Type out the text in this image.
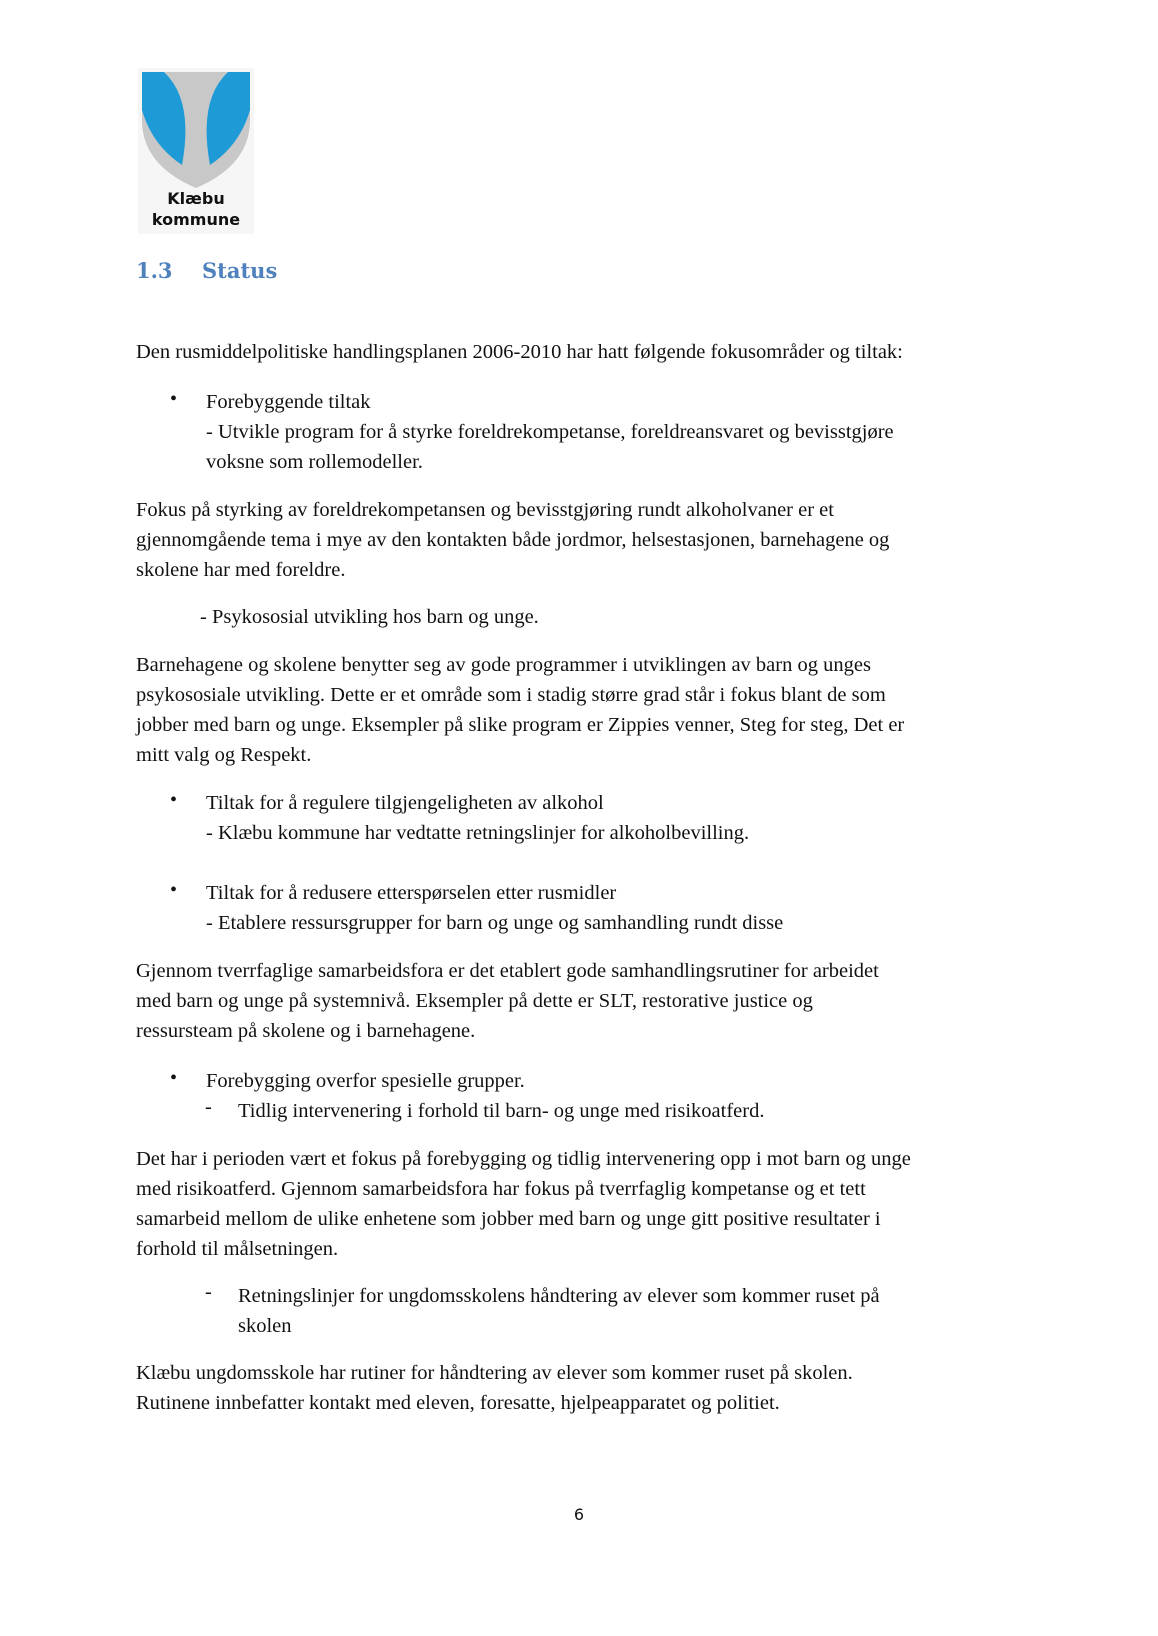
Klæbu
kommune
1.3 Status

Den rusmiddelpolitiske handlingsplanen 2006-2010 har hatt følgende fokusområder og tiltak:

• Forebyggende tiltak
- Utvikle program for å styrke foreldrekompetanse, foreldreansvaret og bevisstgjøre
voksne som rollemodeller.
Fokus på styrking av foreldrekompetansen og bevisstgjøring rundt alkoholvaner er et
gjennomgående tema i mye av den kontakten både jordmor, helsestasjonen, barnehagene og
skolene har med foreldre.

- Psykososial utvikling hos barn og unge.

Barnehagene og skolene benytter seg av gode programmer i utviklingen av barn og unges
psykososiale utvikling. Dette er et område som i stadig større grad står i fokus blant de som
jobber med barn og unge. Eksempler på slike program er Zippies venner, Steg for steg, Det er
mitt valg og Respekt.
• Tiltak for å regulere tilgjengeligheten av alkohol
- Klæbu kommune har vedtatte retningslinjer for alkoholbevilling.
• Tiltak for å redusere etterspørselen etter rusmidler
- Etablere ressursgrupper for barn og unge og samhandling rundt disse
Gjennom tverrfaglige samarbeidsfora er det etablert gode samhandlingsrutiner for arbeidet
med barn og unge på systemnivå. Eksempler på dette er SLT, restorative justice og
ressursteam på skolene og i barnehagene.
• Forebygging overfor spesielle grupper.

- Tidlig intervenering i forhold til barn- og unge med risikoatferd.

Det har i perioden vært et fokus på forebygging og tidlig intervenering opp i mot barn og unge
med risikoatferd. Gjennom samarbeidsfora har fokus på tverrfaglig kompetanse og et tett
samarbeid mellom de ulike enhetene som jobber med barn og unge gitt positive resultater i
forhold til målsetningen.
- Retningslinjer for ungdomsskolens håndtering av elever som kommer ruset på
skolen
Klæbu ungdomsskole har rutiner for håndtering av elever som kommer ruset på skolen.
Rutinene innbefatter kontakt med eleven, foresatte, hjelpeapparatet og politiet.
6
